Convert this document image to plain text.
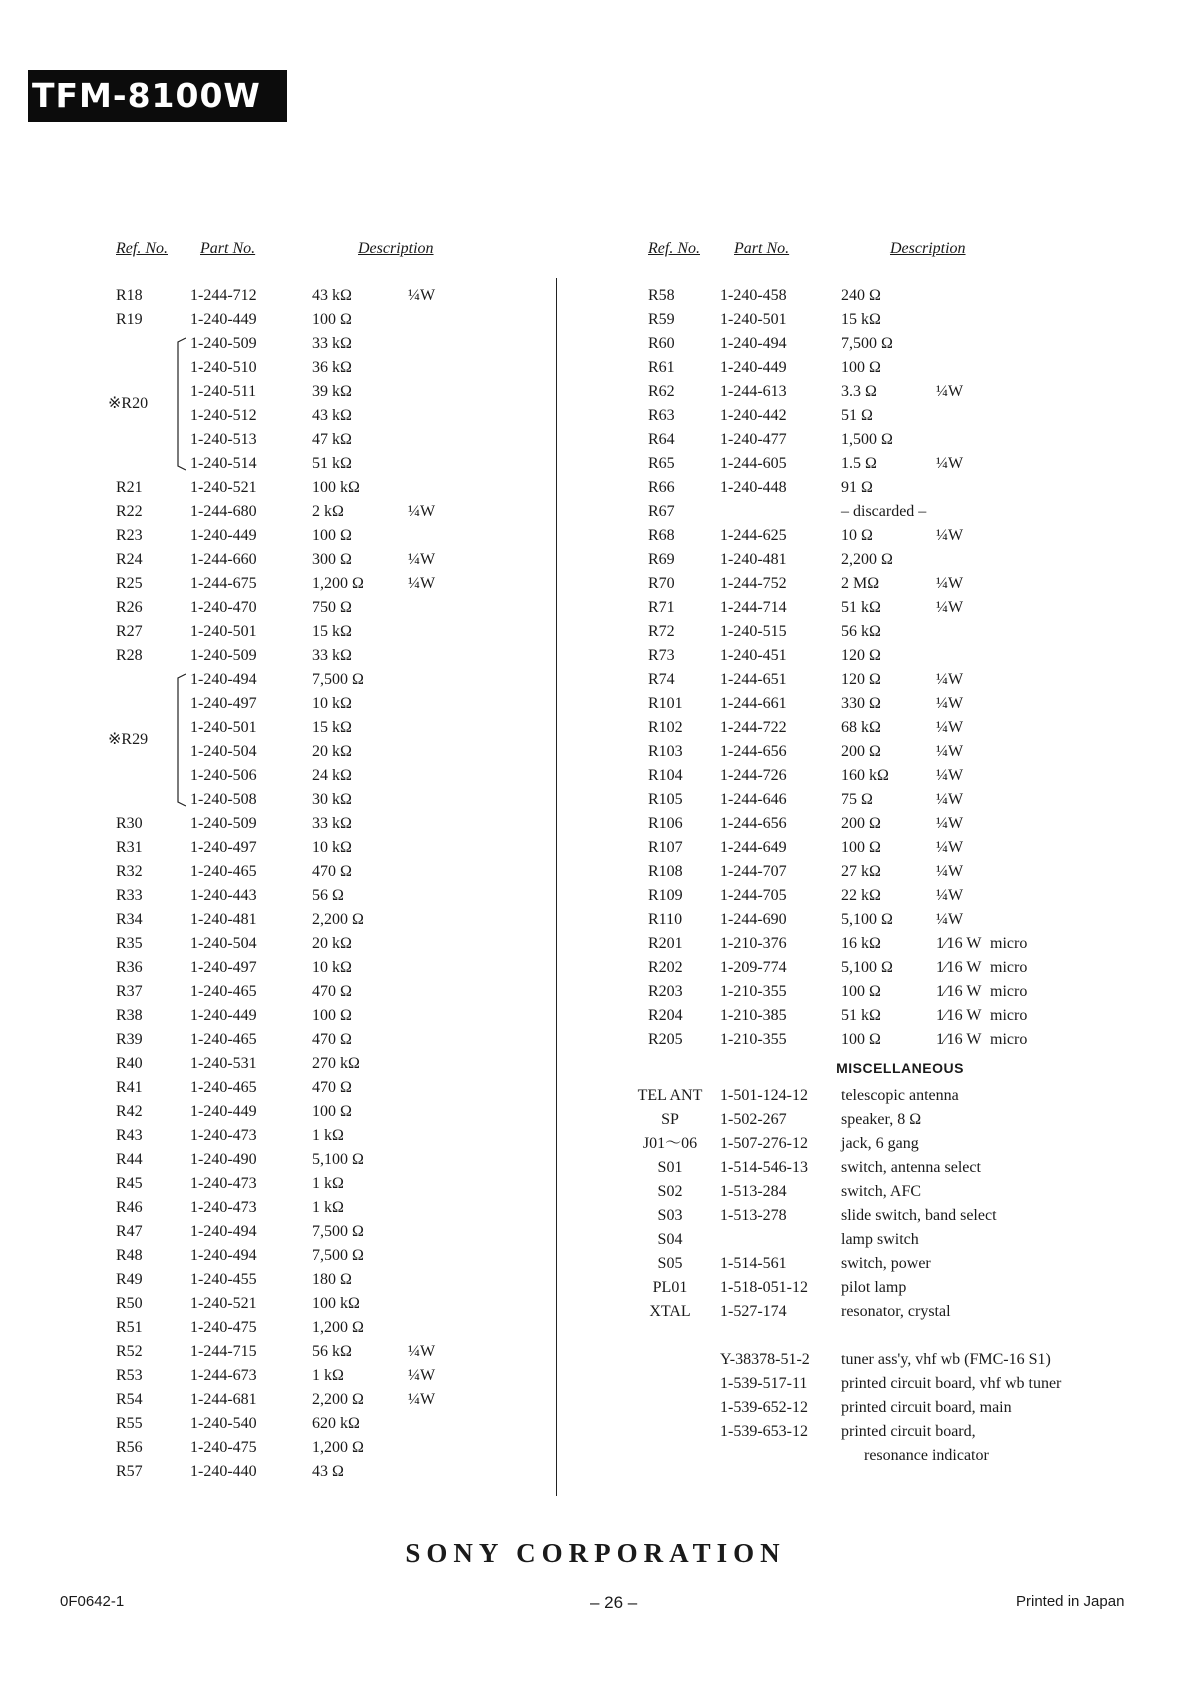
TFM-8100W
Ref. No. Part No.	Description
R18	1-244-712	43 kΩ	¼W
R19	1-240-449	100 Ω
※R20
1-240-509	33 kΩ
1-240-510	36 kΩ
1-240-511	39 kΩ
1-240-512	43 kΩ
1-240-513	47 kΩ
1-240-514	51 kΩ
R21	1-240-521	100 kΩ
R22	1-244-680	2 kΩ	¼W
R23	1-240-449	100 Ω
R24	1-244-660	300 Ω	¼W
R25	1-244-675	1,200 Ω	¼W
R26	1-240-470	750 Ω
R27	1-240-501	15 kΩ
R28	1-240-509	33 kΩ
※R29
1-240-494	7,500 Ω
1-240-497	10 kΩ
1-240-501	15 kΩ
1-240-504	20 kΩ
1-240-506	24 kΩ
1-240-508	30 kΩ
R30	1-240-509	33 kΩ
R31	1-240-497	10 kΩ
R32	1-240-465	470 Ω
R33	1-240-443	56 Ω
R34	1-240-481	2,200 Ω
R35	1-240-504	20 kΩ
R36	1-240-497	10 kΩ
R37	1-240-465	470 Ω
R38	1-240-449	100 Ω
R39	1-240-465	470 Ω
R40	1-240-531	270 kΩ
R41	1-240-465	470 Ω
R42	1-240-449	100 Ω
R43	1-240-473	1 kΩ
R44	1-240-490	5,100 Ω
R45	1-240-473	1 kΩ
R46	1-240-473	1 kΩ
R47	1-240-494	7,500 Ω
R48	1-240-494	7,500 Ω
R49	1-240-455	180 Ω
R50	1-240-521	100 kΩ
R51	1-240-475	1,200 Ω
R52	1-244-715	56 kΩ	¼W
R53	1-244-673	1 kΩ	¼W
R54	1-244-681	2,200 Ω	¼W
R55	1-240-540	620 kΩ
R56	1-240-475	1,200 Ω
R57	1-240-440	43 Ω
Ref. No. Part No.	Description
R58	1-240-458	240 Ω
R59	1-240-501	15 kΩ
R60	1-240-494	7,500 Ω
R61	1-240-449	100 Ω
R62	1-244-613	3.3 Ω	¼W
R63	1-240-442	51 Ω
R64	1-240-477	1,500 Ω
R65	1-244-605	1.5 Ω	¼W
R66	1-240-448	91 Ω
R67	– discarded –
R68	1-244-625	10 Ω	¼W
R69	1-240-481	2,200 Ω
R70	1-244-752	2 MΩ	¼W
R71	1-244-714	51 kΩ	¼W
R72	1-240-515	56 kΩ
R73	1-240-451	120 Ω
R74	1-244-651	120 Ω	¼W
R101 1-244-661	330 Ω	¼W
R102 1-244-722	68 kΩ	¼W
R103 1-244-656	200 Ω	¼W
R104 1-244-726	160 kΩ	¼W
R105 1-244-646	75 Ω	¼W
R106 1-244-656	200 Ω	¼W
R107 1-244-649	100 Ω	¼W
R108 1-244-707	27 kΩ	¼W
R109 1-244-705	22 kΩ	¼W
R110 1-244-690	5,100 Ω	¼W
R201 1-210-376	16 kΩ	1⁄16 W micro
R202 1-209-774	5,100 Ω	1⁄16 W micro
R203 1-210-355	100 Ω	1⁄16 W micro
R204 1-210-385	51 kΩ	1⁄16 W micro
R205 1-210-355	100 Ω	1⁄16 W micro
MISCELLANEOUS
TEL ANT	1-501-124-12 telescopic antenna
SP	1-502-267	speaker, 8 Ω
J01～06	1-507-276-12 jack, 6 gang
S01	1-514-546-13 switch, antenna select
S02	1-513-284	switch, AFC
S03	1-513-278	slide switch, band select
S04	lamp switch
S05	1-514-561	switch, power
PL01	1-518-051-12 pilot lamp
XTAL	1-527-174	resonator, crystal
Y-38378-51-2 tuner ass'y, vhf wb (FMC-16 S1)
1-539-517-11 printed circuit board, vhf wb tuner
1-539-652-12 printed circuit board, main
1-539-653-12 printed circuit board,
resonance indicator
SONY CORPORATION
0F0642-1	– 26 –	Printed in Japan
